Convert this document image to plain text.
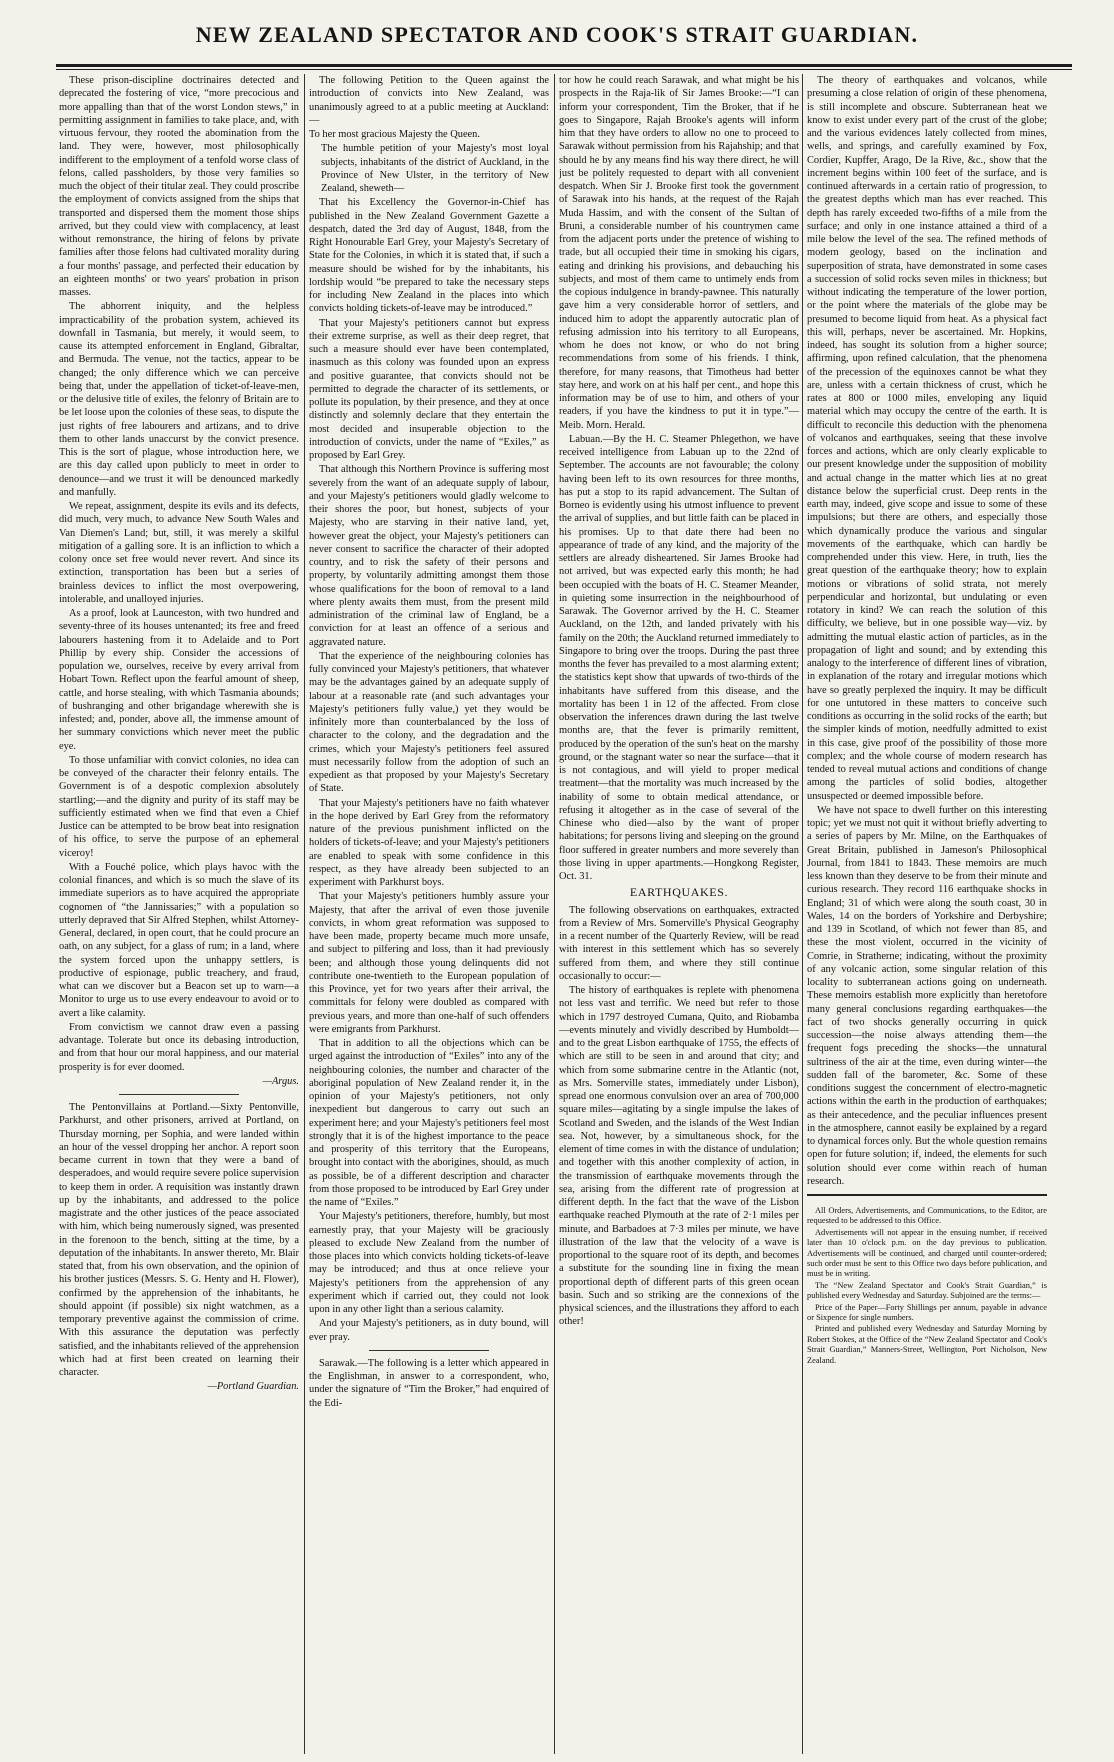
NEW ZEALAND SPECTATOR AND COOK'S STRAIT GUARDIAN.

These prison-discipline doctrinaires detected and deprecated the fostering of vice, “more precocious and more appalling than that of the worst London stews,” in permitting assignment in families to take place, and, with virtuous fervour, they rooted the abomination from the land. They were, however, most philosophically indifferent to the employment of a tenfold worse class of felons, called passholders, by those very families so much the object of their titular zeal. They could proscribe the employment of convicts assigned from the ships that transported and dispersed them the moment those ships arrived, but they could view with complacency, at least without remonstrance, the hiring of felons by private families after those felons had cultivated morality during a four months' passage, and perfected their education by an eighteen months' or two years' probation in prison masses.

The abhorrent iniquity, and the helpless impracticability of the probation system, achieved its downfall in Tasmania, but merely, it would seem, to cause its attempted enforcement in England, Gibraltar, and Bermuda. The venue, not the tactics, appear to be changed; the only difference which we can perceive being that, under the appellation of ticket-of-leave-men, or the delusive title of exiles, the felonry of Britain are to be let loose upon the colonies of these seas, to dispute the just rights of free labourers and artizans, and to drive them to other lands unaccurst by the convict presence. This is the sort of plague, whose introduction here, we are this day called upon publicly to meet in order to denounce—and we trust it will be denounced markedly and manfully.

We repeat, assignment, despite its evils and its defects, did much, very much, to advance New South Wales and Van Diemen's Land; but, still, it was merely a skilful mitigation of a galling sore. It is an infliction to which a colony once set free would never revert. And since its extinction, transportation has been but a series of brainless devices to inflict the most overpowering, intolerable, and unalloyed injuries.

As a proof, look at Launceston, with two hundred and seventy-three of its houses untenanted; its free and freed labourers hastening from it to Adelaide and to Port Phillip by every ship. Consider the accessions of population we, ourselves, receive by every arrival from Hobart Town. Reflect upon the fearful amount of sheep, cattle, and horse stealing, with which Tasmania abounds; of bushranging and other brigandage wherewith she is infested; and, ponder, above all, the immense amount of her summary convictions which never meet the public eye.

To those unfamiliar with convict colonies, no idea can be conveyed of the character their felonry entails. The Government is of a despotic complexion absolutely startling;—and the dignity and purity of its staff may be sufficiently estimated when we find that even a Chief Justice can be attempted to be brow beat into resignation of his office, to serve the purpose of an ephemeral viceroy!

With a Fouché police, which plays havoc with the colonial finances, and which is so much the slave of its immediate superiors as to have acquired the appropriate cognomen of “the Jannissaries;” with a population so utterly depraved that Sir Alfred Stephen, whilst Attorney-General, declared, in open court, that he could procure an oath, on any subject, for a glass of rum; in a land, where the system forced upon the unhappy settlers, is productive of espionage, public treachery, and fraud, what can we discover but a Beacon set up to warn—a Monitor to urge us to use every endeavour to avoid or to avert a like calamity.

From convictism we cannot draw even a passing advantage. Tolerate but once its debasing introduction, and from that hour our moral happiness, and our material prosperity is for ever doomed.

—Argus.

The Pentonvillains at Portland.—Sixty Pentonville, Parkhurst, and other prisoners, arrived at Portland, on Thursday morning, per Sophia, and were landed within an hour of the vessel dropping her anchor. A report soon became current in town that they were a band of desperadoes, and would require severe police supervision to keep them in order. A requisition was instantly drawn up by the inhabitants, and addressed to the police magistrate and the other justices of the peace associated with him, which being numerously signed, was presented in the forenoon to the bench, sitting at the time, by a deputation of the inhabitants. In answer thereto, Mr. Blair stated that, from his own observation, and the opinion of his brother justices (Messrs. S. G. Henty and H. Flower), confirmed by the apprehension of the inhabitants, he should appoint (if possible) six night watchmen, as a temporary preventive against the commission of crime. With this assurance the deputation was perfectly satisfied, and the inhabitants relieved of the apprehension which had at first been created on learning their character.

—Portland Guardian.

The following Petition to the Queen against the introduction of convicts into New Zealand, was unanimously agreed to at a public meeting at Auckland:—

To her most gracious Majesty the Queen.

The humble petition of your Majesty's most loyal subjects, inhabitants of the district of Auckland, in the Province of New Ulster, in the territory of New Zealand, sheweth—

That his Excellency the Governor-in-Chief has published in the New Zealand Government Gazette a despatch, dated the 3rd day of August, 1848, from the Right Honourable Earl Grey, your Majesty's Secretary of State for the Colonies, in which it is stated that, if such a measure should be wished for by the inhabitants, his lordship would “be prepared to take the necessary steps for including New Zealand in the places into which convicts holding tickets-of-leave may be introduced.”

That your Majesty's petitioners cannot but express their extreme surprise, as well as their deep regret, that such a measure should ever have been contemplated, inasmuch as this colony was founded upon an express and positive guarantee, that convicts should not be permitted to degrade the character of its settlements, or pollute its population, by their presence, and they at once distinctly and solemnly declare that they entertain the most decided and insuperable objection to the introduction of convicts, under the name of “Exiles,” as proposed by Earl Grey.

That although this Northern Province is suffering most severely from the want of an adequate supply of labour, and your Majesty's petitioners would gladly welcome to their shores the poor, but honest, subjects of your Majesty, who are starving in their native land, yet, however great the object, your Majesty's petitioners can never consent to sacrifice the character of their adopted country, and to risk the safety of their persons and property, by voluntarily admitting amongst them those whose qualifications for the boon of removal to a land where plenty awaits them must, from the present mild administration of the criminal law of England, be a conviction for at least an offence of a serious and aggravated nature.

That the experience of the neighbouring colonies has fully convinced your Majesty's petitioners, that whatever may be the advantages gained by an adequate supply of labour at a reasonable rate (and such advantages your Majesty's petitioners fully value,) yet they would be infinitely more than counterbalanced by the loss of character to the colony, and the degradation and the crimes, which your Majesty's petitioners feel assured must necessarily follow from the adoption of such an expedient as that proposed by your Majesty's Secretary of State.

That your Majesty's petitioners have no faith whatever in the hope derived by Earl Grey from the reformatory nature of the previous punishment inflicted on the holders of tickets-of-leave; and your Majesty's petitioners are enabled to speak with some confidence in this respect, as they have already been subjected to an experiment with Parkhurst boys.

That your Majesty's petitioners humbly assure your Majesty, that after the arrival of even those juvenile convicts, in whom great reformation was supposed to have been made, property became much more unsafe, and subject to pilfering and loss, than it had previously been; and although those young delinquents did not contribute one-twentieth to the European population of this Province, yet for two years after their arrival, the committals for felony were doubled as compared with previous years, and more than one-half of such offenders were emigrants from Parkhurst.

That in addition to all the objections which can be urged against the introduction of “Exiles” into any of the neighbouring colonies, the number and character of the aboriginal population of New Zealand render it, in the opinion of your Majesty's petitioners, not only inexpedient but dangerous to carry out such an experiment here; and your Majesty's petitioners feel most strongly that it is of the highest importance to the peace and prosperity of this territory that the Europeans, brought into contact with the aborigines, should, as much as possible, be of a different description and character from those proposed to be introduced by Earl Grey under the name of “Exiles.”

Your Majesty's petitioners, therefore, humbly, but most earnestly pray, that your Majesty will be graciously pleased to exclude New Zealand from the number of those places into which convicts holding tickets-of-leave may be introduced; and thus at once relieve your Majesty's petitioners from the apprehension of any experiment which if carried out, they could not look upon in any other light than a serious calamity.

And your Majesty's petitioners, as in duty bound, will ever pray.

Sarawak.—The following is a letter which appeared in the Englishman, in answer to a correspondent, who, under the signature of “Tim the Broker,” had enquired of the Edi-

tor how he could reach Sarawak, and what might be his prospects in the Raja-lik of Sir James Brooke:—“I can inform your correspondent, Tim the Broker, that if he goes to Singapore, Rajah Brooke's agents will inform him that they have orders to allow no one to proceed to Sarawak without permission from his Rajahship; and that should he by any means find his way there direct, he will just be politely requested to depart with all convenient despatch. When Sir J. Brooke first took the government of Sarawak into his hands, at the request of the Rajah Muda Hassim, and with the consent of the Sultan of Bruni, a considerable number of his countrymen came from the adjacent ports under the pretence of wishing to trade, but all occupied their time in smoking his cigars, eating and drinking his provisions, and debauching his subjects, and most of them came to untimely ends from the copious indulgence in brandy-pawnee. This naturally gave him a very considerable horror of settlers, and induced him to adopt the apparently autocratic plan of refusing admission into his territory to all Europeans, whom he does not know, or who do not bring recommendations from some of his friends. I think, therefore, for many reasons, that Timotheus had better stay here, and work on at his half per cent., and hope this information may be of use to him, and others of your readers, if you have the kindness to put it in type.”—Meib. Morn. Herald.

Labuan.—By the H. C. Steamer Phlegethon, we have received intelligence from Labuan up to the 22nd of September. The accounts are not favourable; the colony having been left to its own resources for three months, has put a stop to its rapid advancement. The Sultan of Borneo is evidently using his utmost influence to prevent the arrival of supplies, and but little faith can be placed in his promises. Up to that date there had been no appearance of trade of any kind, and the majority of the settlers are already disheartened. Sir James Brooke had not arrived, but was expected early this month; he had been occupied with the boats of H. C. Steamer Meander, in quieting some insurrection in the neighbourhood of Sarawak. The Governor arrived by the H. C. Steamer Auckland, on the 12th, and landed privately with his family on the 20th; the Auckland returned immediately to Singapore to bring over the troops. During the past three months the fever has prevailed to a most alarming extent; the statistics kept show that upwards of two-thirds of the inhabitants have suffered from this disease, and the mortality has been 1 in 12 of the affected. From close observation the inferences drawn during the last twelve months are, that the fever is primarily remittent, produced by the operation of the sun's heat on the marshy ground, or the stagnant water so near the surface—that it is not contagious, and will yield to proper medical treatment—that the mortality was much increased by the inability of some to obtain medical attendance, or refusing it altogether as in the case of several of the Chinese who died—also by the want of proper habitations; for persons living and sleeping on the ground floor suffered in greater numbers and more severely than those living in upper apartments.—Hongkong Register, Oct. 31.

EARTHQUAKES.

The following observations on earthquakes, extracted from a Review of Mrs. Somerville's Physical Geography in a recent number of the Quarterly Review, will be read with interest in this settlement which has so severely suffered from them, and where they still continue occasionally to occur:—

The history of earthquakes is replete with phenomena not less vast and terrific. We need but refer to those which in 1797 destroyed Cumana, Quito, and Riobamba—events minutely and vividly described by Humboldt—and to the great Lisbon earthquake of 1755, the effects of which are still to be seen in and around that city; and which from some submarine centre in the Atlantic (not, as Mrs. Somerville states, immediately under Lisbon), spread one enormous convulsion over an area of 700,000 square miles—agitating by a single impulse the lakes of Scotland and Sweden, and the islands of the West Indian sea. Not, however, by a simultaneous shock, for the element of time comes in with the distance of undulation; and together with this another complexity of action, in the transmission of earthquake movements through the sea, arising from the different rate of progression at different depth. In the fact that the wave of the Lisbon earthquake reached Plymouth at the rate of 2·1 miles per minute, and Barbadoes at 7·3 miles per minute, we have illustration of the law that the velocity of a wave is proportional to the square root of its depth, and becomes a substitute for the sounding line in fixing the mean proportional depth of different parts of this green ocean basin. Such and so striking are the connexions of the physical sciences, and the illustrations they afford to each other!

The theory of earthquakes and volcanos, while presuming a close relation of origin of these phenomena, is still incomplete and obscure. Subterranean heat we know to exist under every part of the crust of the globe; and the various evidences lately collected from mines, wells, and springs, and carefully examined by Fox, Cordier, Kupffer, Arago, De la Rive, &c., show that the increment begins within 100 feet of the surface, and is continued afterwards in a certain ratio of progression, to the greatest depths which man has ever reached. This depth has rarely exceeded two-fifths of a mile from the surface; and only in one instance attained a third of a mile below the level of the sea. The refined methods of modern geology, based on the inclination and superposition of strata, have demonstrated in some cases a succession of solid rocks seven miles in thickness; but without indicating the temperature of the lower portion, or the point where the materials of the globe may be presumed to become liquid from heat. As a physical fact this will, perhaps, never be ascertained. Mr. Hopkins, indeed, has sought its solution from a higher source; affirming, upon refined calculation, that the phenomena of the precession of the equinoxes cannot be what they are, unless with a certain thickness of crust, which he rates at 800 or 1000 miles, enveloping any liquid material which may occupy the centre of the earth. It is difficult to reconcile this deduction with the phenomena of volcanos and earthquakes, seeing that these involve forces and actions, which are only clearly explicable to our present knowledge under the supposition of mobility and actual change in the matter which lies at no great distance below the superficial crust. Deep rents in the earth may, indeed, give scope and issue to some of these impulsions; but there are others, and especially those which dynamically produce the various and singular movements of the earthquake, which can hardly be comprehended under this view. Here, in truth, lies the great question of the earthquake theory; how to explain motions or vibrations of solid strata, not merely perpendicular and horizontal, but undulating or even rotatory in kind? We can reach the solution of this difficulty, we believe, but in one possible way—viz. by admitting the mutual elastic action of particles, as in the propagation of light and sound; and by extending this analogy to the interference of different lines of vibration, in explanation of the rotary and irregular motions which have so greatly perplexed the inquiry. It may be difficult for one untutored in these matters to conceive such conditions as occurring in the solid rocks of the earth; but the simpler kinds of motion, needfully admitted to exist in this case, give proof of the possibility of those more complex; and the whole course of modern research has tended to reveal mutual actions and conditions of change among the particles of solid bodies, altogether unsuspected or deemed impossible before.

We have not space to dwell further on this interesting topic; yet we must not quit it without briefly adverting to a series of papers by Mr. Milne, on the Earthquakes of Great Britain, published in Jameson's Philosophical Journal, from 1841 to 1843. These memoirs are much less known than they deserve to be from their minute and curious research. They record 116 earthquake shocks in England; 31 of which were along the south coast, 30 in Wales, 14 on the borders of Yorkshire and Derbyshire; and 139 in Scotland, of which not fewer than 85, and these the most violent, occurred in the vicinity of Comrie, in Stratherne; indicating, without the proximity of any volcanic action, some singular relation of this locality to subterranean actions going on underneath. These memoirs establish more explicitly than heretofore many general conclusions regarding earthquakes—the fact of two shocks generally occurring in quick succession—the noise always attending them—the frequent fogs preceding the shocks—the unnatural sultriness of the air at the time, even during winter—the sudden fall of the barometer, &c. Some of these conditions suggest the concernment of electro-magnetic actions within the earth in the production of earthquakes; as their antecedence, and the peculiar influences present in the atmosphere, cannot easily be explained by a regard to dynamical forces only. But the whole question remains open for future solution; if, indeed, the elements for such solution should ever come within reach of human research.

All Orders, Advertisements, and Communications, to the Editor, are requested to be addressed to this Office.

Advertisements will not appear in the ensuing number, if received later than 10 o'clock p.m. on the day previous to publication. Advertisements will be continued, and charged until counter-ordered; such order must be sent to this Office two days before publication, and must be in writing.

The “New Zealand Spectator and Cook's Strait Guardian,” is published every Wednesday and Saturday. Subjoined are the terms:—

Price of the Paper—Forty Shillings per annum, payable in advance or Sixpence for single numbers.

Printed and published every Wednesday and Saturday Morning by Robert Stokes, at the Office of the “New Zealand Spectator and Cook's Strait Guardian,” Manners-Street, Wellington, Port Nicholson, New Zealand.
